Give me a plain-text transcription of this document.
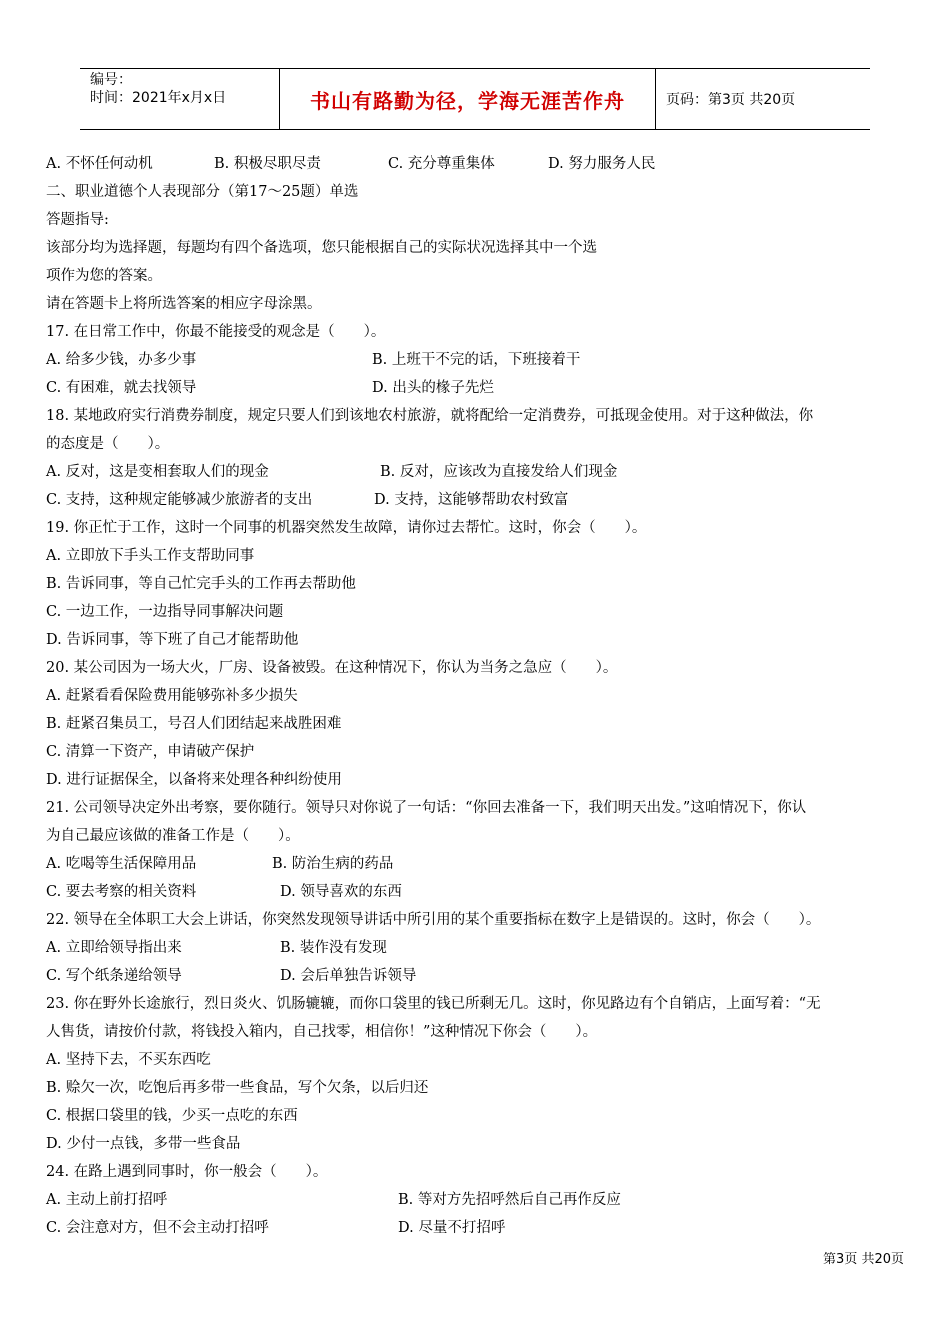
编号：
时间：2021年x月x日	书山有路勤为径，学海无涯苦作舟	页码：第3页 共20页
A. 不怀任何动机	B. 积极尽职尽责	C. 充分尊重集体	D. 努力服务人民
二、职业道德个人表现部分（第17～25题）单选
答题指导:
该部分均为选择题，每题均有四个备选项，您只能根据自己的实际状况选择其中一个选
项作为您的答案。
请在答题卡上将所选答案的相应字母涂黑。
17. 在日常工作中，你最不能接受的观念是（　　）。
A. 给多少钱，办多少事	B. 上班干不完的话，下班接着干
C. 有困难，就去找领导	D. 出头的椽子先烂
18. 某地政府实行消费券制度，规定只要人们到该地农村旅游，就将配给一定消费券，可抵现金使用。对于这种做法，你
的态度是（　　）。
A. 反对，这是变相套取人们的现金	B. 反对，应该改为直接发给人们现金
C. 支持，这种规定能够减少旅游者的支出	D. 支持，这能够帮助农村致富
19. 你正忙于工作，这时一个同事的机器突然发生故障，请你过去帮忙。这时，你会（　　）。
A. 立即放下手头工作支帮助同事
B. 告诉同事，等自己忙完手头的工作再去帮助他
C. 一边工作，一边指导同事解决问题
D. 告诉同事，等下班了自己才能帮助他
20. 某公司因为一场大火，厂房、设备被毁。在这种情况下，你认为当务之急应（　　）。
A. 赶紧看看保险费用能够弥补多少损失
B. 赶紧召集员工，号召人们团结起来战胜困难
C. 清算一下资产，申请破产保护
D. 进行证据保全，以备将来处理各种纠纷使用
21. 公司领导决定外出考察，要你随行。领导只对你说了一句话：“你回去准备一下，我们明天出发。”这咱情况下，你认
为自己最应该做的准备工作是（　　）。
A. 吃喝等生活保障用品	B. 防治生病的药品
C. 要去考察的相关资料	D. 领导喜欢的东西
22. 领导在全体职工大会上讲话，你突然发现领导讲话中所引用的某个重要指标在数字上是错误的。这时，你会（　　）。
A. 立即给领导指出来	B. 装作没有发现
C. 写个纸条递给领导	D. 会后单独告诉领导
23. 你在野外长途旅行，烈日炎火、饥肠辘辘，而你口袋里的钱已所剩无几。这时，你见路边有个自销店，上面写着：“无
人售货，请按价付款，将钱投入箱内，自己找零，相信你！”这种情况下你会（　　）。
A. 坚持下去，不买东西吃
B. 赊欠一次，吃饱后再多带一些食品，写个欠条，以后归还
C. 根据口袋里的钱，少买一点吃的东西
D. 少付一点钱，多带一些食品
24. 在路上遇到同事时，你一般会（　　）。
A. 主动上前打招呼	B. 等对方先招呼然后自己再作反应
C. 会注意对方，但不会主动打招呼	D. 尽量不打招呼
第3页 共20页
